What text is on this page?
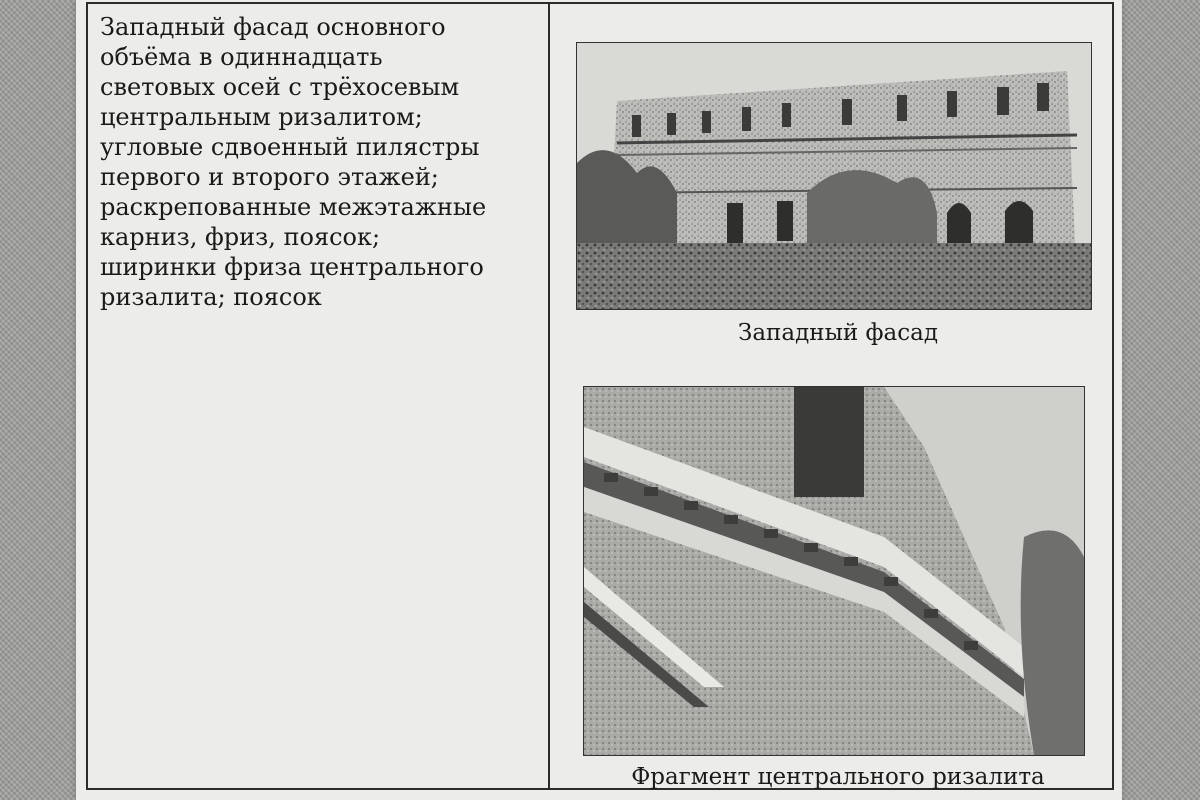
Западный фасад основного
объёма в одиннадцать
световых осей с трёхосевым
центральным ризалитом;
угловые сдвоенный пилястры
первого и второго этажей;
раскрепованные межэтажные
карниз, фриз, поясок;
ширинки фриза центрального
ризалита; поясок

Западный фасад

Фрагмент центрального ризалита
